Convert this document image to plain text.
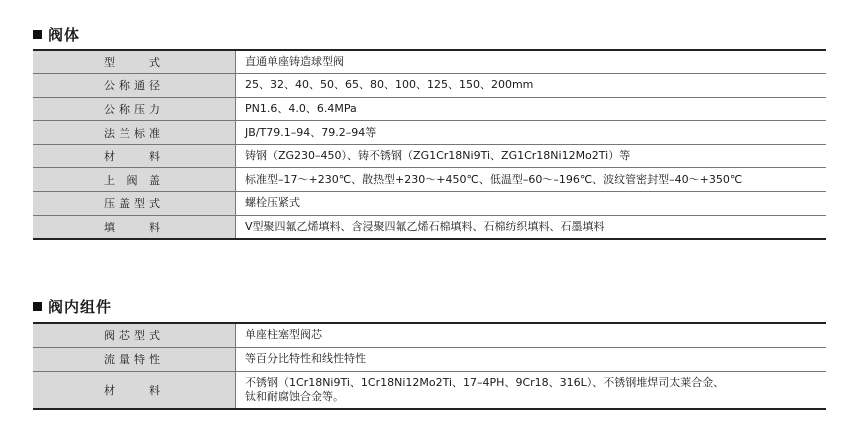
阀体
型　　式	直通单座铸造球型阀
公称通径	25、32、40、50、65、80、100、125、150、200mm
公称压力	PN1.6、4.0、6.4MPa
法兰标准	JB/T79.1–94、79.2–94等
材　　料	铸钢（ZG230–450）、铸不锈钢（ZG1Cr18Ni9Ti、ZG1Cr18Ni12Mo2Ti）等
上 阀 盖	标准型–17～+230℃、散热型+230～+450℃、低温型–60～–196℃、波纹管密封型–40～+350℃
压盖型式	螺栓压紧式
填　　料	V型聚四氟乙烯填料、含浸聚四氟乙烯石棉填料、石棉纺织填料、石墨填料
阀内组件
阀芯型式	单座柱塞型阀芯
流量特性	等百分比特性和线性特性
材　　料	不锈钢（1Cr18Ni9Ti、1Cr18Ni12Mo2Ti、17–4PH、9Cr18、316L）、不锈钢堆焊司太莱合金、
钛和耐腐蚀合金等。
